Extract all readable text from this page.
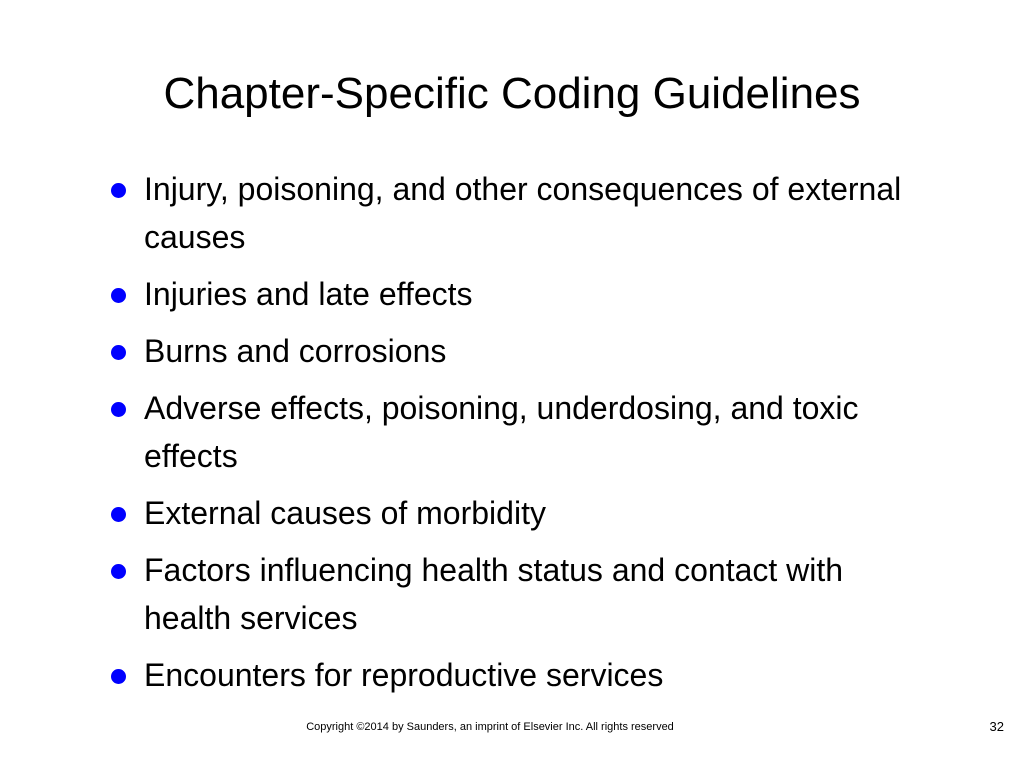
Chapter-Specific Coding Guidelines
Injury, poisoning, and other consequences of external causes
Injuries and late effects
Burns and corrosions
Adverse effects, poisoning, underdosing, and toxic effects
External causes of morbidity
Factors influencing health status and contact with health services
Encounters for reproductive services
Copyright ©2014 by Saunders, an imprint of Elsevier Inc. All rights reserved	32
